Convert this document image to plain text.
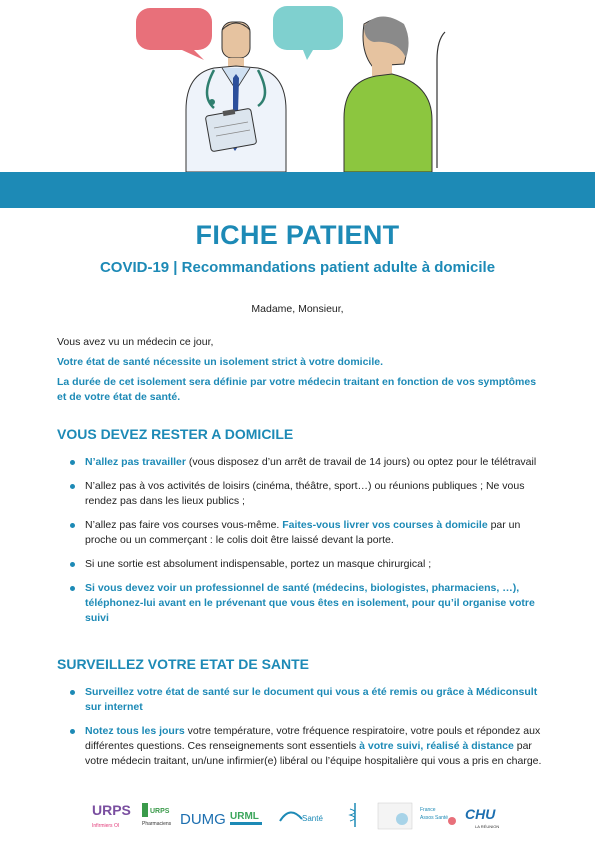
FICHE PATIENT
COVID-19 | Recommandations patient adulte à domicile
Madame, Monsieur,

Vous avez vu un médecin ce jour,

Votre état de santé nécessite un isolement strict à votre domicile.

La durée de cet isolement sera définie par votre médecin traitant en fonction de vos symptômes et de votre état de santé.

VOUS DEVEZ RESTER A DOMICILE
N’allez pas travailler (vous disposez d’un arrêt de travail de 14 jours) ou optez pour le télétravail
N’allez pas à vos activités de loisirs (cinéma, théâtre, sport…) ou réunions publiques ; Ne vous rendez pas dans les lieux publics ;
N’allez pas faire vos courses vous-même. Faites-vous livrer vos courses à domicile par un proche ou un commerçant : le colis doit être laissé devant la porte.
Si une sortie est absolument indispensable, portez un masque chirurgical ;
Si vous devez voir un professionnel de santé (médecins, biologistes, pharmaciens, …), téléphonez-lui avant en le prévenant que vous êtes en isolement, pour qu’il organise votre suivi
SURVEILLEZ VOTRE ETAT DE SANTE
Surveillez votre état de santé sur le document qui vous a été remis ou grâce à Médiconsult sur internet
Notez tous les jours votre température, votre fréquence respiratoire, votre pouls et répondez aux différentes questions. Ces renseignements sont essentiels à votre suivi, réalisé à distance par votre médecin traitant, un/une infirmier(e) libéral ou l’équipe hospitalière qui vous a pris en charge.
URPS
Infirmiers OI
URPS
Pharmaciens DUMG URML	Santé
France
Assos Santé CHU
LA RÉUNION
